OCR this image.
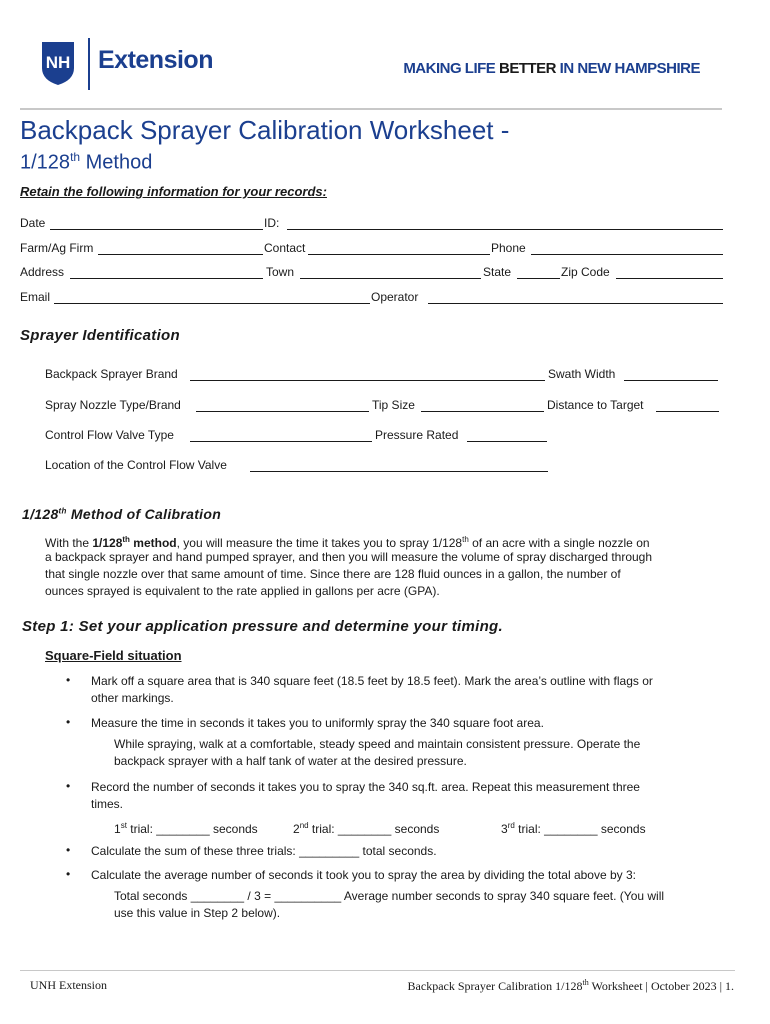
NH Extension	MAKING LIFE BETTER IN NEW HAMPSHIRE
Backpack Sprayer Calibration Worksheet -
1/128th Method
Retain the following information for your records:
Date	ID:
Farm/Ag Firm	Contact	Phone
Address	Town	State	Zip Code
Email	Operator
Sprayer Identification
Backpack Sprayer Brand	Swath Width
Spray Nozzle Type/Brand	Tip Size	Distance to Target
Control Flow Valve Type	Pressure Rated
Location of the Control Flow Valve
1/128th Method of Calibration
With the 1/128th method, you will measure the time it takes you to spray 1/128th of an acre with a single nozzle on
a backpack sprayer and hand pumped sprayer, and then you will measure the volume of spray discharged through
that single nozzle over that same amount of time. Since there are 128 fluid ounces in a gallon, the number of
ounces sprayed is equivalent to the rate applied in gallons per acre (GPA).
Step 1: Set your application pressure and determine your timing.
Square-Field situation
• Mark off a square area that is 340 square feet (18.5 feet by 18.5 feet). Mark the area’s outline with flags or
other markings.
• Measure the time in seconds it takes you to uniformly spray the 340 square foot area.
While spraying, walk at a comfortable, steady speed and maintain consistent pressure. Operate the
backpack sprayer with a half tank of water at the desired pressure.
• Record the number of seconds it takes you to spray the 340 sq.ft. area. Repeat this measurement three
times.
1st trial: ________ seconds	2nd trial: ________ seconds	3rd trial: ________ seconds
• Calculate the sum of these three trials: _________ total seconds.
• Calculate the average number of seconds it took you to spray the area by dividing the total above by 3:
Total seconds ________ / 3 = __________ Average number seconds to spray 340 square feet. (You will
use this value in Step 2 below).
UNH Extension	Backpack Sprayer Calibration 1/128th Worksheet | October 2023 | 1.
